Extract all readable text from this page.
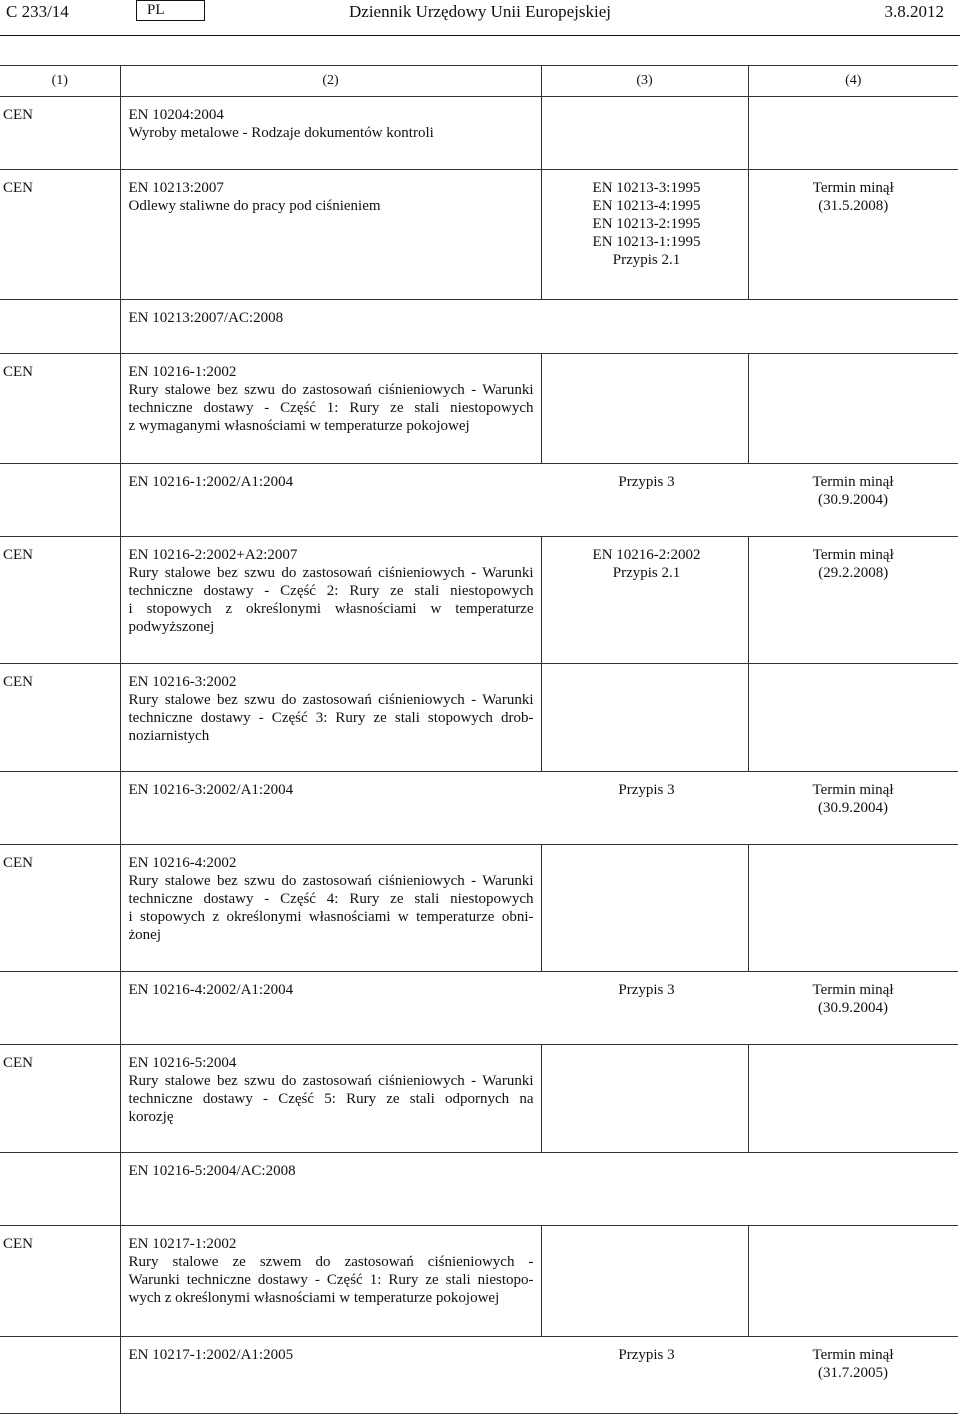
C 233/14	PL	Dziennik Urzędowy Unii Europejskiej	3.8.2012
(1)	(2)	(3)	(4)
CEN	EN 10204:2004
Wyroby metalowe - Rodzaje dokumentów kontroli		

CEN	EN 10213:2007
Odlewy staliwne do pracy pod ciśnieniem	EN 10213-3:1995
EN 10213-4:1995
EN 10213-2:1995
EN 10213-1:1995
Przypis 2.1	Termin minął
(31.5.2008)

	EN 10213:2007/AC:2008		

CEN	EN 10216-1:2002
Rury stalowe bez szwu do zastosowań ciśnieniowych - Warunki
techniczne dostawy - Część 1: Rury ze stali niestopowych
z wymaganymi własnościami w temperaturze pokojowej		

	EN 10216-1:2002/A1:2004	Przypis 3	Termin minął
(30.9.2004)

CEN	EN 10216-2:2002+A2:2007
Rury stalowe bez szwu do zastosowań ciśnieniowych - Warunki
techniczne dostawy - Część 2: Rury ze stali niestopowych
i stopowych z określonymi własnościami w temperaturze
podwyższonej	EN 10216-2:2002
Przypis 2.1	Termin minął
(29.2.2008)

CEN	EN 10216-3:2002
Rury stalowe bez szwu do zastosowań ciśnieniowych - Warunki
techniczne dostawy - Część 3: Rury ze stali stopowych drob-
noziarnistych		

	EN 10216-3:2002/A1:2004	Przypis 3	Termin minął
(30.9.2004)

CEN	EN 10216-4:2002
Rury stalowe bez szwu do zastosowań ciśnieniowych - Warunki
techniczne dostawy - Część 4: Rury ze stali niestopowych
i stopowych z określonymi własnościami w temperaturze obni-
żonej		

	EN 10216-4:2002/A1:2004	Przypis 3	Termin minął
(30.9.2004)

CEN	EN 10216-5:2004
Rury stalowe bez szwu do zastosowań ciśnieniowych - Warunki
techniczne dostawy - Część 5: Rury ze stali odpornych na
korozję		

	EN 10216-5:2004/AC:2008		

CEN	EN 10217-1:2002
Rury stalowe ze szwem do zastosowań ciśnieniowych -
Warunki techniczne dostawy - Część 1: Rury ze stali niestopo-
wych z określonymi własnościami w temperaturze pokojowej		

	EN 10217-1:2002/A1:2005	Przypis 3	Termin minął
(31.7.2005)
